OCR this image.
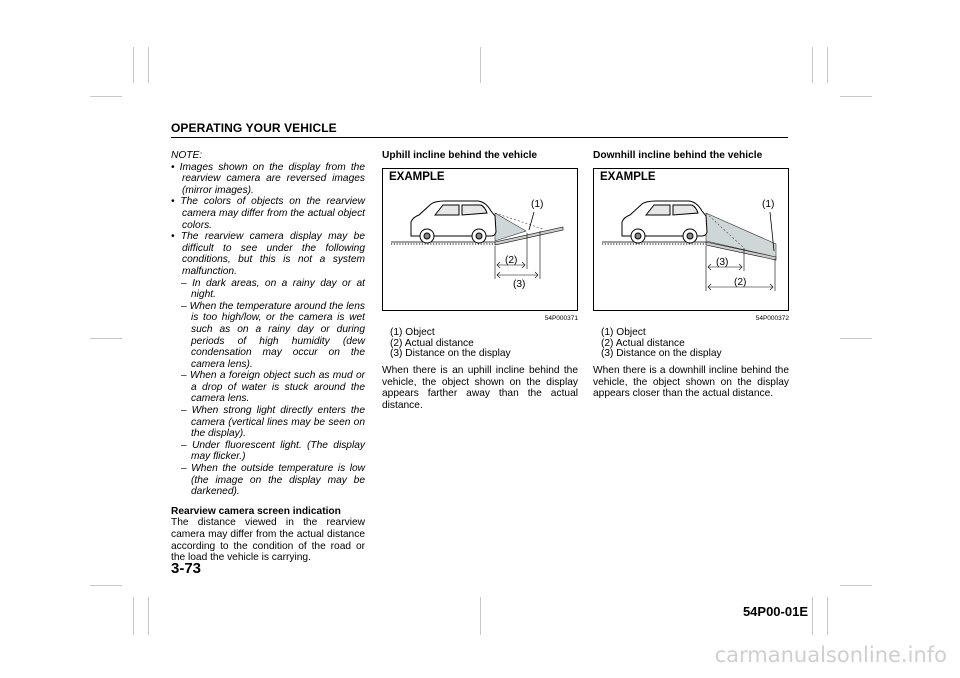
OPERATING YOUR VEHICLE
NOTE:
• Images shown on the display from the rearview camera are reversed images (mirror images).
• The colors of objects on the rearview camera may differ from the actual object colors.
• The rearview camera display may be difficult to see under the following conditions, but this is not a system malfunction.
– In dark areas, on a rainy day or at night.
– When the temperature around the lens is too high/low, or the camera is wet such as on a rainy day or during periods of high humidity (dew condensation may occur on the camera lens).
– When a foreign object such as mud or a drop of water is stuck around the camera lens.
– When strong light directly enters the camera (vertical lines may be seen on the display).
– Under fluorescent light. (The display may flicker.)
– When the outside temperature is low (the image on the display may be darkened).
Rearview camera screen indication
The distance viewed in the rearview camera may differ from the actual distance according to the condition of the road or the load the vehicle is carrying.
Uphill incline behind the vehicle
EXAMPLE
(1)
(2)
(3)
54P000371
(1) Object
(2) Actual distance
(3) Distance on the display
When there is an uphill incline behind the vehicle, the object shown on the display appears farther away than the actual distance.
Downhill incline behind the vehicle
EXAMPLE
(1)
(3)
(2)
54P000372
(1) Object
(2) Actual distance
(3) Distance on the display
When there is a downhill incline behind the vehicle, the object shown on the display appears closer than the actual distance.
3-73
54P00-01E
carmanualsonline.info
